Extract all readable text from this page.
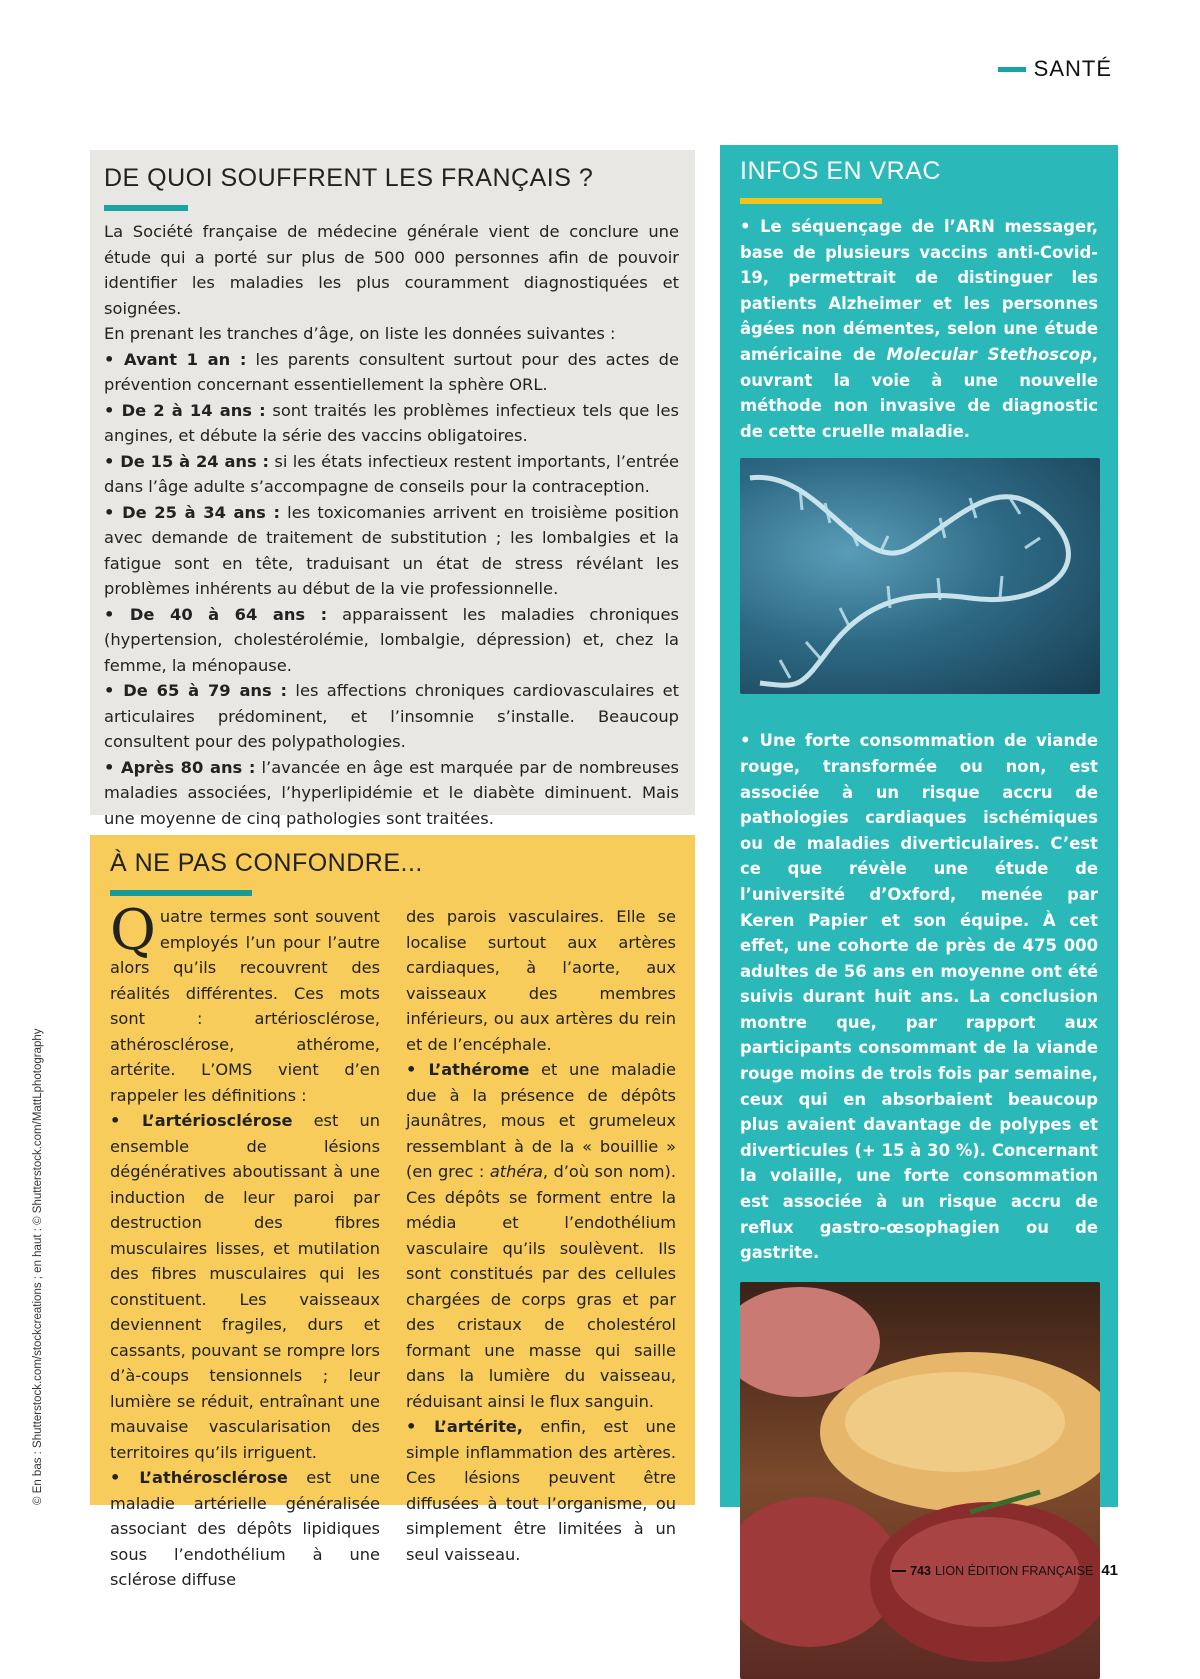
SANTÉ
DE QUOI SOUFFRENT LES FRANÇAIS ?

La Société française de médecine générale vient de conclure une étude qui a porté sur plus de 500 000 personnes afin de pouvoir identifier les maladies les plus couramment diagnostiquées et soignées.

En prenant les tranches d’âge, on liste les données suivantes :

• Avant 1 an : les parents consultent surtout pour des actes de prévention concernant essentiellement la sphère ORL.

• De 2 à 14 ans : sont traités les problèmes infectieux tels que les angines, et débute la série des vaccins obligatoires.

• De 15 à 24 ans : si les états infectieux restent importants, l’entrée dans l’âge adulte s’accompagne de conseils pour la contraception.

• De 25 à 34 ans : les toxicomanies arrivent en troisième position avec demande de traitement de substitution ; les lombalgies et la fatigue sont en tête, traduisant un état de stress révélant les problèmes inhérents au début de la vie professionnelle.

• De 40 à 64 ans : apparaissent les maladies chroniques (hypertension, cholestérolémie, lombalgie, dépression) et, chez la femme, la ménopause.

• De 65 à 79 ans : les affections chroniques cardiovasculaires et articulaires prédominent, et l’insomnie s’installe. Beaucoup consultent pour des polypathologies.

• Après 80 ans : l’avancée en âge est marquée par de nombreuses maladies associées, l’hyperlipidémie et le diabète diminuent. Mais une moyenne de cinq pathologies sont traitées.

À NE PAS CONFONDRE...

Quatre termes sont souvent employés l’un pour l’autre alors qu’ils recouvrent des réalités différentes. Ces mots sont : artériosclérose, athérosclérose, athérome, artérite. L’OMS vient d’en rappeler les définitions :

• L’artériosclérose est un ensemble de lésions dégénératives aboutissant à une induction de leur paroi par destruction des fibres musculaires lisses, et mutilation des fibres musculaires qui les constituent. Les vaisseaux deviennent fragiles, durs et cassants, pouvant se rompre lors d’à-coups tensionnels ; leur lumière se réduit, entraînant une mauvaise vascularisation des territoires qu’ils irriguent.

• L’athérosclérose est une maladie artérielle généralisée associant des dépôts lipidiques sous l’endothélium à une sclérose diffuse

des parois vasculaires. Elle se localise surtout aux artères cardiaques, à l’aorte, aux vaisseaux des membres inférieurs, ou aux artères du rein et de l’encéphale.

• L’athérome et une maladie due à la présence de dépôts jaunâtres, mous et grumeleux ressemblant à de la « bouillie » (en grec : athéra, d’où son nom). Ces dépôts se forment entre la média et l’endothélium vasculaire qu’ils soulèvent. Ils sont constitués par des cellules chargées de corps gras et par des cristaux de cholestérol formant une masse qui saille dans la lumière du vaisseau, réduisant ainsi le flux sanguin.

• L’artérite, enfin, est une simple inflammation des artères. Ces lésions peuvent être diffusées à tout l’organisme, ou simplement être limitées à un seul vaisseau.

INFOS EN VRAC

• Le séquençage de l’ARN messager, base de plusieurs vaccins anti-Covid-19, permettrait de distinguer les patients Alzheimer et les personnes âgées non démentes, selon une étude américaine de Molecular Stethoscop, ouvrant la voie à une nouvelle méthode non invasive de diagnostic de cette cruelle maladie.

• Une forte consommation de viande rouge, transformée ou non, est associée à un risque accru de pathologies cardiaques ischémiques ou de maladies diverticulaires. C’est ce que révèle une étude de l’université d’Oxford, menée par Keren Papier et son équipe. À cet effet, une cohorte de près de 475 000 adultes de 56 ans en moyenne ont été suivis durant huit ans. La conclusion montre que, par rapport aux participants consommant de la viande rouge moins de trois fois par semaine, ceux qui en absorbaient beaucoup plus avaient davantage de polypes et diverticules (+ 15 à 30 %). Concernant la volaille, une forte consommation est associée à un risque accru de reflux gastro-œsophagien ou de gastrite.

© En bas : Shutterstock.com/stockcreations ; en haut : © Shutterstock.com/MattLphotography
743 LION ÉDITION FRANÇAISE 41
